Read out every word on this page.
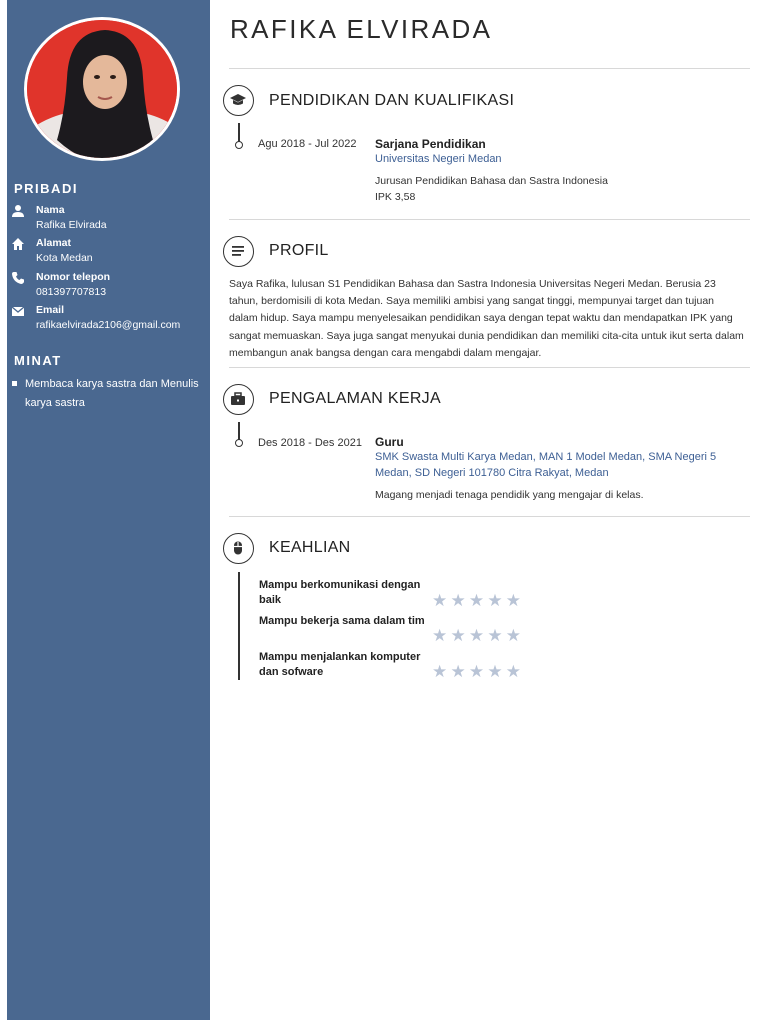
PRIBADI
Nama
Rafika Elvirada
Alamat
Kota Medan
Nomor telepon
081397707813
Email
rafikaelvirada2106@gmail.com
MINAT
Membaca karya sastra dan Menulis karya sastra
RAFIKA ELVIRADA
PENDIDIKAN DAN KUALIFIKASI
Agu 2018 - Jul 2022 Sarjana Pendidikan
Universitas Negeri Medan
Jurusan Pendidikan Bahasa dan Sastra Indonesia
IPK 3,58
PROFIL
Saya Rafika, lulusan S1 Pendidikan Bahasa dan Sastra Indonesia Universitas Negeri Medan. Berusia 23 tahun, berdomisili di kota Medan. Saya memiliki ambisi yang sangat tinggi, mempunyai target dan tujuan dalam hidup. Saya mampu menyelesaikan pendidikan saya dengan tepat waktu dan mendapatkan IPK yang sangat memuaskan. Saya juga sangat menyukai dunia pendidikan dan memiliki cita-cita untuk ikut serta dalam membangun anak bangsa dengan cara mengabdi dalam mengajar.
PENGALAMAN KERJA
Des 2018 - Des 2021 Guru
SMK Swasta Multi Karya Medan, MAN 1 Model Medan, SMA Negeri 5 Medan, SD Negeri 101780 Citra Rakyat, Medan
Magang menjadi tenaga pendidik yang mengajar di kelas.
KEAHLIAN
Mampu berkomunikasi dengan baik	★★★★★
Mampu bekerja sama dalam tim
★★★★★
Mampu menjalankan komputer dan sofware	★★★★★
